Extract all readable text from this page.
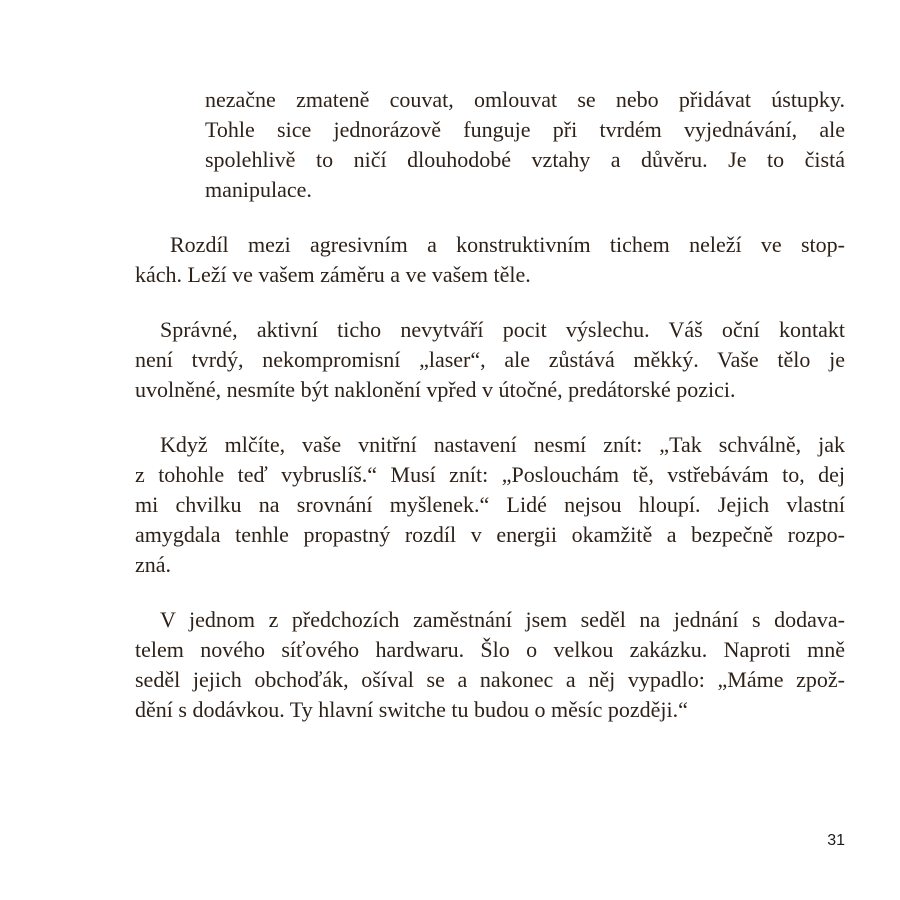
nezačne zmateně couvat, omlouvat se nebo přidávat ústupky.
Tohle sice jednorázově funguje při tvrdém vyjednávání, ale
spolehlivě to ničí dlouhodobé vztahy a důvěru. Je to čistá
manipulace.
Rozdíl mezi agresivním a konstruktivním tichem neleží ve stop-
kách. Leží ve vašem záměru a ve vašem těle.
Správné, aktivní ticho nevytváří pocit výslechu. Váš oční kontakt
není tvrdý, nekompromisní „laser“, ale zůstává měkký. Vaše tělo je
uvolněné, nesmíte být naklonění vpřed v útočné, predátorské pozici.
Když mlčíte, vaše vnitřní nastavení nesmí znít: „Tak schválně, jak
z tohohle teď vybruslíš.“ Musí znít: „Poslouchám tě, vstřebávám to, dej
mi chvilku na srovnání myšlenek.“ Lidé nejsou hloupí. Jejich vlastní
amygdala tenhle propastný rozdíl v energii okamžitě a bezpečně rozpo-
zná.
V jednom z předchozích zaměstnání jsem seděl na jednání s dodava-
telem nového síťového hardwaru. Šlo o velkou zakázku. Naproti mně
seděl jejich obchoďák, ošíval se a nakonec a něj vypadlo: „Máme zpož-
dění s dodávkou. Ty hlavní switche tu budou o měsíc později.“
31
